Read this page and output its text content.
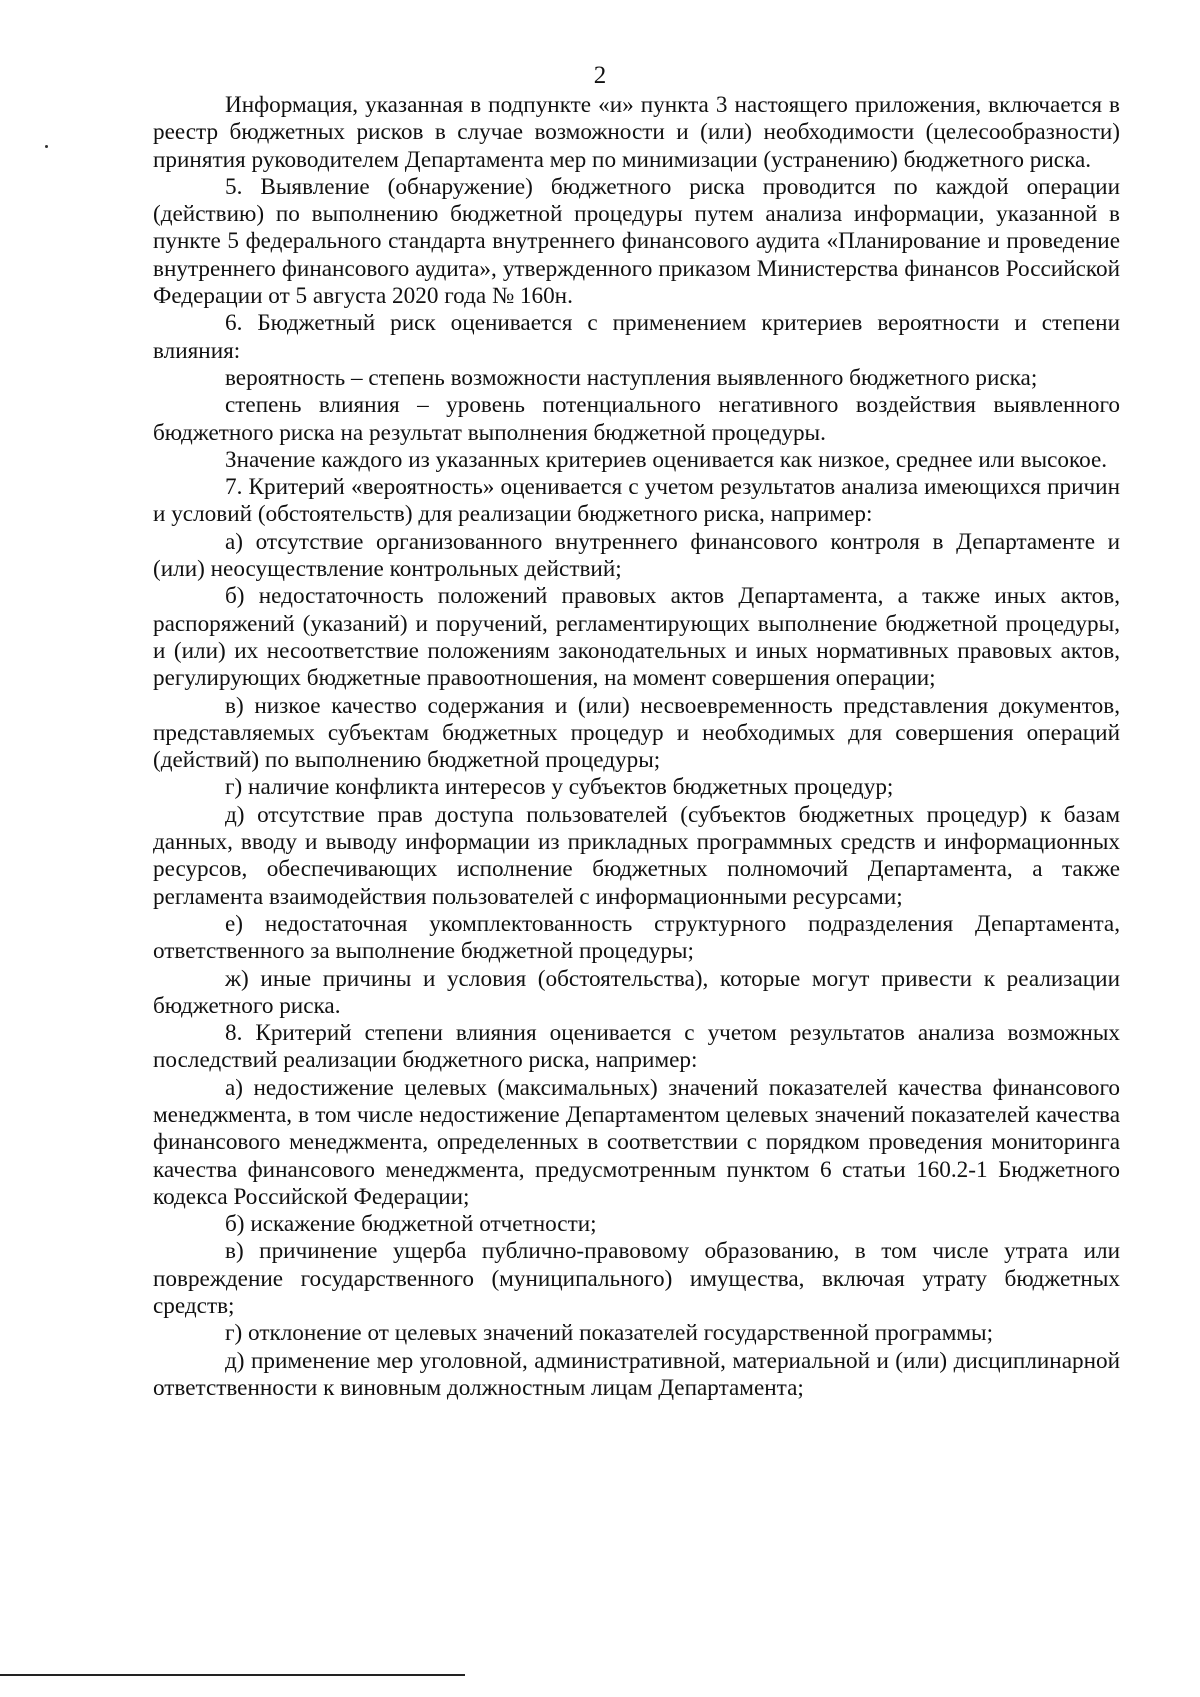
2

Информация, указанная в подпункте «и» пункта 3 настоящего приложения, включается в реестр бюджетных рисков в случае возможности и (или) необходимости (целесообразности) принятия руководителем Департамента мер по минимизации (устранению) бюджетного риска.

5. Выявление (обнаружение) бюджетного риска проводится по каждой операции (действию) по выполнению бюджетной процедуры путем анализа информации, указанной в пункте 5 федерального стандарта внутреннего финансового аудита «Планирование и проведение внутреннего финансового аудита», утвержденного приказом Министерства финансов Российской Федерации от 5 августа 2020 года № 160н.

6. Бюджетный риск оценивается с применением критериев вероятности и степени влияния:

вероятность – степень возможности наступления выявленного бюджетного риска;

степень влияния – уровень потенциального негативного воздействия выявленного бюджетного риска на результат выполнения бюджетной процедуры.

Значение каждого из указанных критериев оценивается как низкое, среднее или высокое.

7. Критерий «вероятность» оценивается с учетом результатов анализа имеющихся причин и условий (обстоятельств) для реализации бюджетного риска, например:

а) отсутствие организованного внутреннего финансового контроля в Департаменте и (или) неосуществление контрольных действий;

б) недостаточность положений правовых актов Департамента, а также иных актов, распоряжений (указаний) и поручений, регламентирующих выполнение бюджетной процедуры, и (или) их несоответствие положениям законодательных и иных нормативных правовых актов, регулирующих бюджетные правоотношения, на момент совершения операции;

в) низкое качество содержания и (или) несвоевременность представления документов, представляемых субъектам бюджетных процедур и необходимых для совершения операций (действий) по выполнению бюджетной процедуры;

г) наличие конфликта интересов у субъектов бюджетных процедур;

д) отсутствие прав доступа пользователей (субъектов бюджетных процедур) к базам данных, вводу и выводу информации из прикладных программных средств и информационных ресурсов, обеспечивающих исполнение бюджетных полномочий Департамента, а также регламента взаимодействия пользователей с информационными ресурсами;

е) недостаточная укомплектованность структурного подразделения Департамента, ответственного за выполнение бюджетной процедуры;

ж) иные причины и условия (обстоятельства), которые могут привести к реализации бюджетного риска.

8. Критерий степени влияния оценивается с учетом результатов анализа возможных последствий реализации бюджетного риска, например:

а) недостижение целевых (максимальных) значений показателей качества финансового менеджмента, в том числе недостижение Департаментом целевых значений показателей качества финансового менеджмента, определенных в соответствии с порядком проведения мониторинга качества финансового менеджмента, предусмотренным пунктом 6 статьи 160.2-1 Бюджетного кодекса Российской Федерации;

б) искажение бюджетной отчетности;

в) причинение ущерба публично-правовому образованию, в том числе утрата или повреждение государственного (муниципального) имущества, включая утрату бюджетных средств;

г) отклонение от целевых значений показателей государственной программы;

д) применение мер уголовной, административной, материальной и (или) дисциплинарной ответственности к виновным должностным лицам Департамента;
